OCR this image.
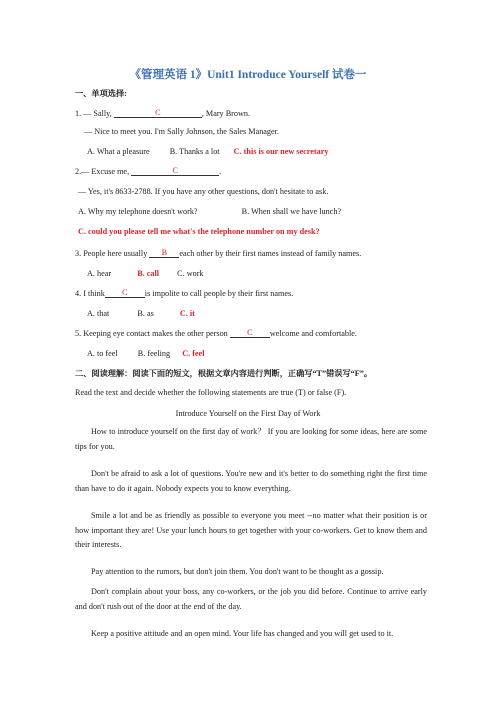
《管理英语 1》Unit1 Introduce Yourself 试卷一
一、单项选择:
1. — Sally,	C	, Mary Brown.
— Nice to meet you. I'm Sally Johnson, the Sales Manager.
A. What a pleasure B. Thanks a lot C. this is our new secretary
2.— Excuse me,	C	.
— Yes, it's 8633-2788. If you have any other questions, don't hesitate to ask.
A. Why my telephone doesn't work?	B. When shall we have lunch?
C. could you please tell me what's the telephone number on my desk?
3. People here usually B each other by their first names instead of family names.
A. hear	B. call C. work
4. I think C is impolite to call people by their first names.
A. that	B. as	C. it
5. Keeping eye contact makes the other person C welcome and comfortable.
A. to feel B. feeling C. feel
二、阅读理解：阅读下面的短文，根据文章内容进行判断，正确写“T”错误写“F”。
Read the text and decide whether the following statements are true (T) or false (F).
Introduce Yourself on the First Day of Work
How to introduce yourself on the first day of work？ If you are looking for some ideas, here are some tips for you.
Don't be afraid to ask a lot of questions. You're new and it's better to do something right the first time than have to do it again. Nobody expects you to know everything.
Smile a lot and be as friendly as possible to everyone you meet --no matter what their position is or how important they are! Use your lunch hours to get together with your co-workers. Get to know them and their interests.
Pay attention to the rumors, but don't join them. You don't want to be thought as a gossip.
Don't complain about your boss, any co-workers, or the job you did before. Continue to arrive early and don't rush out of the door at the end of the day.
Keep a positive attitude and an open mind. Your life has changed and you will get used to it.
